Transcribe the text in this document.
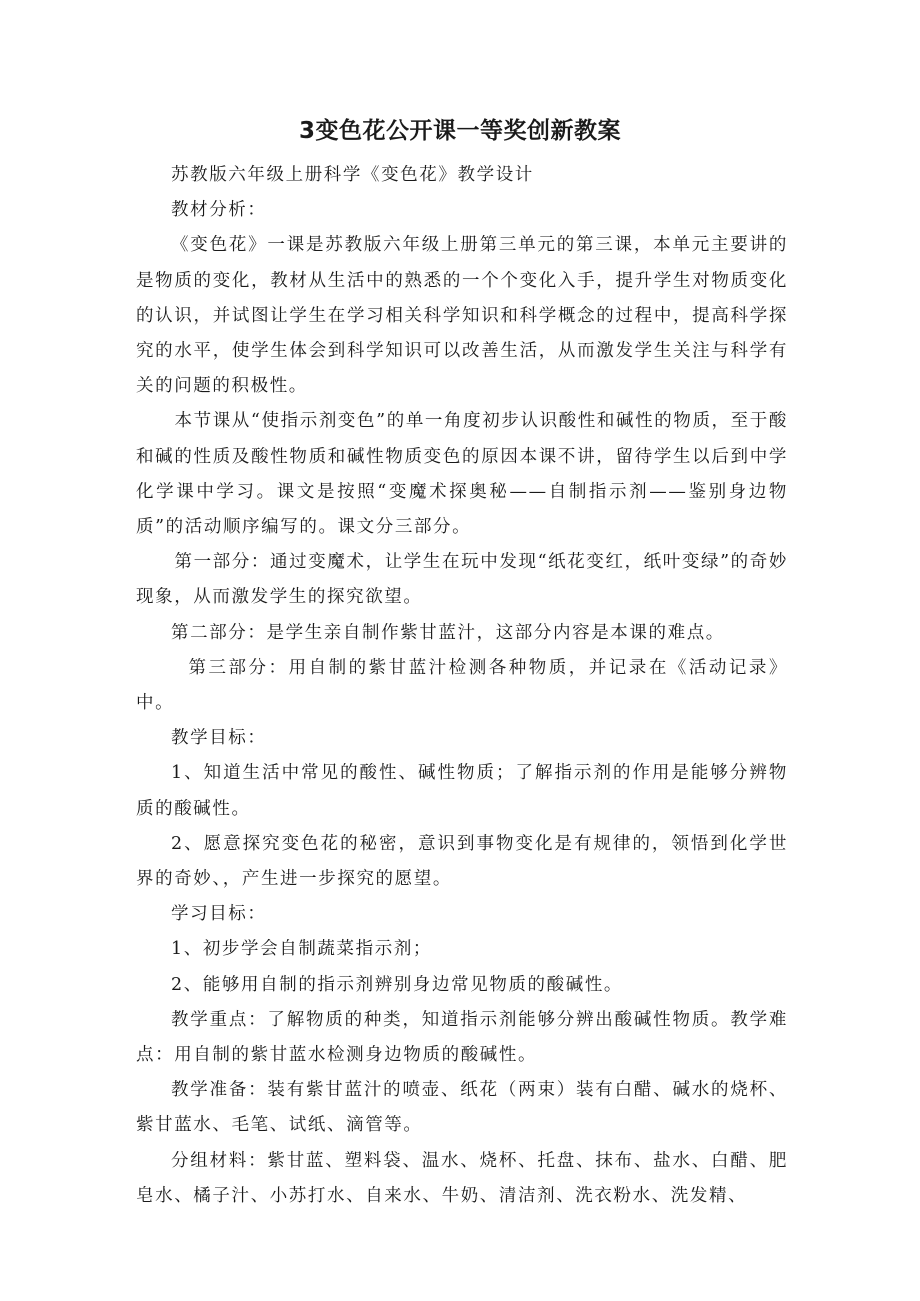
3变色花公开课一等奖创新教案

苏教版六年级上册科学《变色花》教学设计

教材分析：

《变色花》一课是苏教版六年级上册第三单元的第三课，本单元主要讲的是物质的变化，教材从生活中的熟悉的一个个变化入手，提升学生对物质变化的认识，并试图让学生在学习相关科学知识和科学概念的过程中，提高科学探究的水平，使学生体会到科学知识可以改善生活，从而激发学生关注与科学有关的问题的积极性。

本节课从“使指示剂变色”的单一角度初步认识酸性和碱性的物质，至于酸和碱的性质及酸性物质和碱性物质变色的原因本课不讲，留待学生以后到中学化学课中学习。课文是按照“变魔术探奥秘——自制指示剂——鉴别身边物质”的活动顺序编写的。课文分三部分。

第一部分：通过变魔术，让学生在玩中发现“纸花变红，纸叶变绿”的奇妙现象，从而激发学生的探究欲望。

第二部分：是学生亲自制作紫甘蓝汁，这部分内容是本课的难点。

第三部分：用自制的紫甘蓝汁检测各种物质，并记录在《活动记录》中。

教学目标：

1、知道生活中常见的酸性、碱性物质；了解指示剂的作用是能够分辨物质的酸碱性。

2、愿意探究变色花的秘密，意识到事物变化是有规律的，领悟到化学世界的奇妙、，产生进一步探究的愿望。

学习目标：

1、初步学会自制蔬菜指示剂；

2、能够用自制的指示剂辨别身边常见物质的酸碱性。

教学重点：了解物质的种类，知道指示剂能够分辨出酸碱性物质。教学难点：用自制的紫甘蓝水检测身边物质的酸碱性。

教学准备：装有紫甘蓝汁的喷壶、纸花（两束）装有白醋、碱水的烧杯、紫甘蓝水、毛笔、试纸、滴管等。

分组材料：紫甘蓝、塑料袋、温水、烧杯、托盘、抹布、盐水、白醋、肥皂水、橘子汁、小苏打水、自来水、牛奶、清洁剂、洗衣粉水、洗发精、
